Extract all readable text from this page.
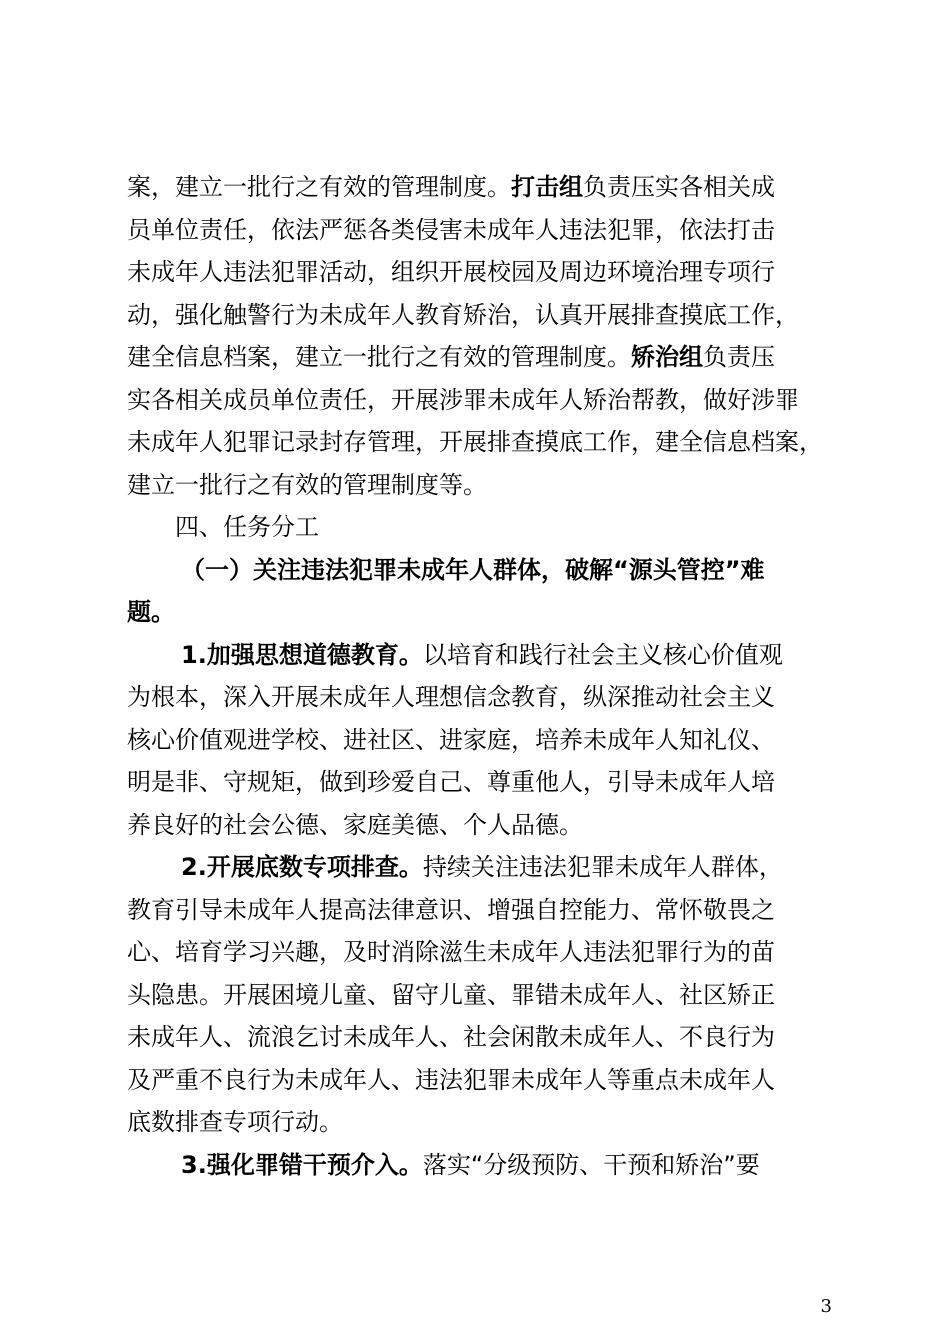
案，建立一批行之有效的管理制度。打击组负责压实各相关成
员单位责任，依法严惩各类侵害未成年人违法犯罪，依法打击
未成年人违法犯罪活动，组织开展校园及周边环境治理专项行
动，强化触警行为未成年人教育矫治，认真开展排查摸底工作，
建全信息档案，建立一批行之有效的管理制度。矫治组负责压
实各相关成员单位责任，开展涉罪未成年人矫治帮教，做好涉罪
未成年人犯罪记录封存管理，开展排查摸底工作，建全信息档案，
建立一批行之有效的管理制度等。
四、任务分工
（一）关注违法犯罪未成年人群体，破解“源头管控”难
题。
1.加强思想道德教育。以培育和践行社会主义核心价值观
为根本，深入开展未成年人理想信念教育，纵深推动社会主义
核心价值观进学校、进社区、进家庭，培养未成年人知礼仪、
明是非、守规矩，做到珍爱自己、尊重他人，引导未成年人培
养良好的社会公德、家庭美德、个人品德。
2.开展底数专项排查。持续关注违法犯罪未成年人群体，
教育引导未成年人提高法律意识、增强自控能力、常怀敬畏之
心、培育学习兴趣，及时消除滋生未成年人违法犯罪行为的苗
头隐患。开展困境儿童、留守儿童、罪错未成年人、社区矫正
未成年人、流浪乞讨未成年人、社会闲散未成年人、不良行为
及严重不良行为未成年人、违法犯罪未成年人等重点未成年人
底数排查专项行动。
3.强化罪错干预介入。落实“分级预防、干预和矫治”要
3
